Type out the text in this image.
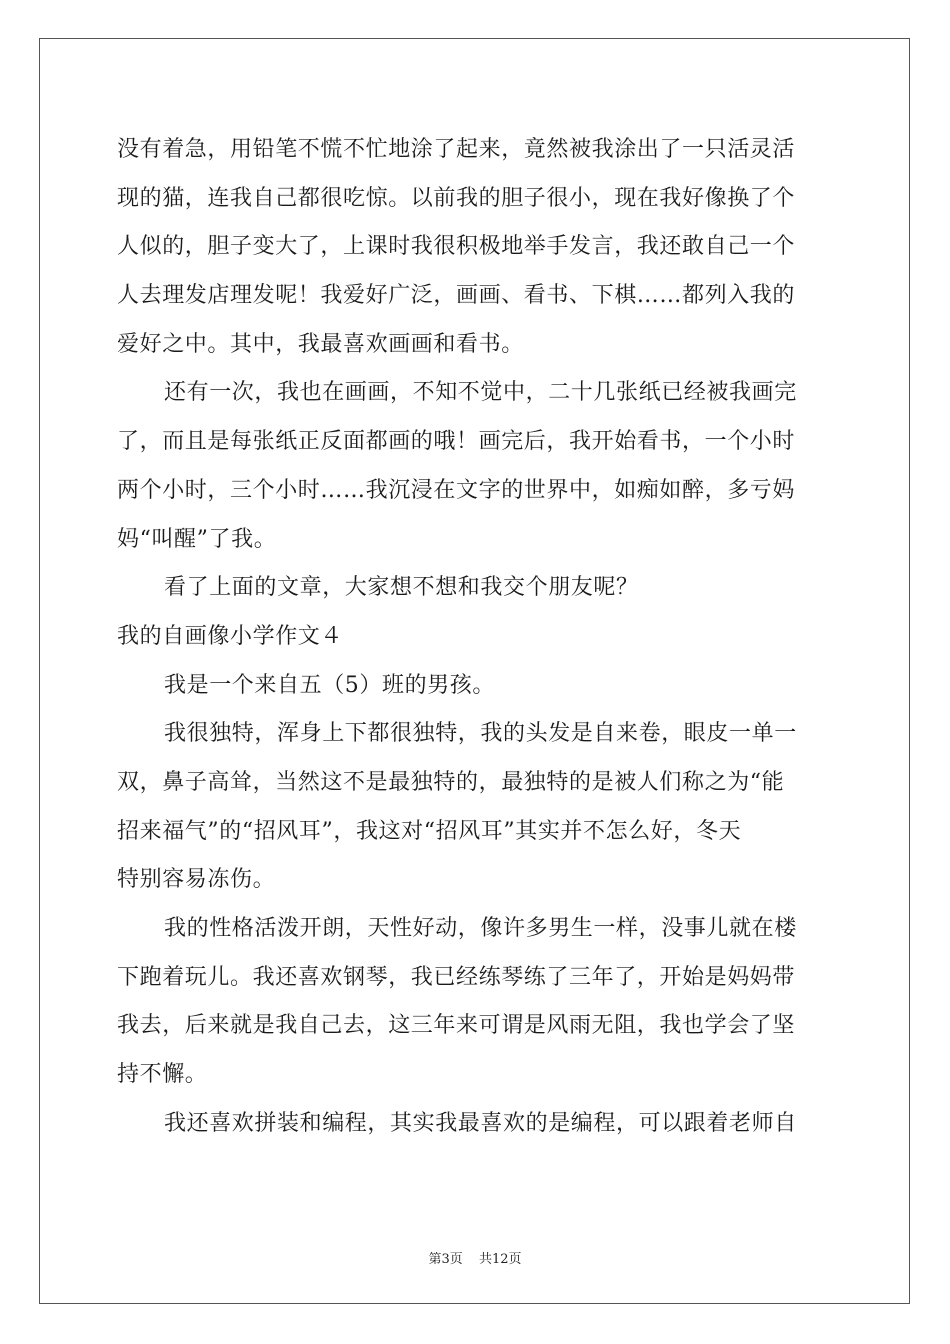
没有着急，用铅笔不慌不忙地涂了起来，竟然被我涂出了一只活灵活
现的猫，连我自己都很吃惊。以前我的胆子很小，现在我好像换了个
人似的，胆子变大了，上课时我很积极地举手发言，我还敢自己一个
人去理发店理发呢！我爱好广泛，画画、看书、下棋……都列入我的
爱好之中。其中，我最喜欢画画和看书。
还有一次，我也在画画，不知不觉中，二十几张纸已经被我画完
了，而且是每张纸正反面都画的哦！画完后，我开始看书，一个小时
两个小时，三个小时……我沉浸在文字的世界中，如痴如醉，多亏妈
妈“叫醒”了我。
看了上面的文章，大家想不想和我交个朋友呢？
我的自画像小学作文４
我是一个来自五（5）班的男孩。
我很独特，浑身上下都很独特，我的头发是自来卷，眼皮一单一
双，鼻子高耸，当然这不是最独特的，最独特的是被人们称之为“能
招来福气”的“招风耳”，我这对“招风耳”其实并不怎么好，冬天
特别容易冻伤。
我的性格活泼开朗，天性好动，像许多男生一样，没事儿就在楼
下跑着玩儿。我还喜欢钢琴，我已经练琴练了三年了，开始是妈妈带
我去，后来就是我自己去，这三年来可谓是风雨无阻，我也学会了坚
持不懈。
我还喜欢拼装和编程，其实我最喜欢的是编程，可以跟着老师自
第3页 共12页
